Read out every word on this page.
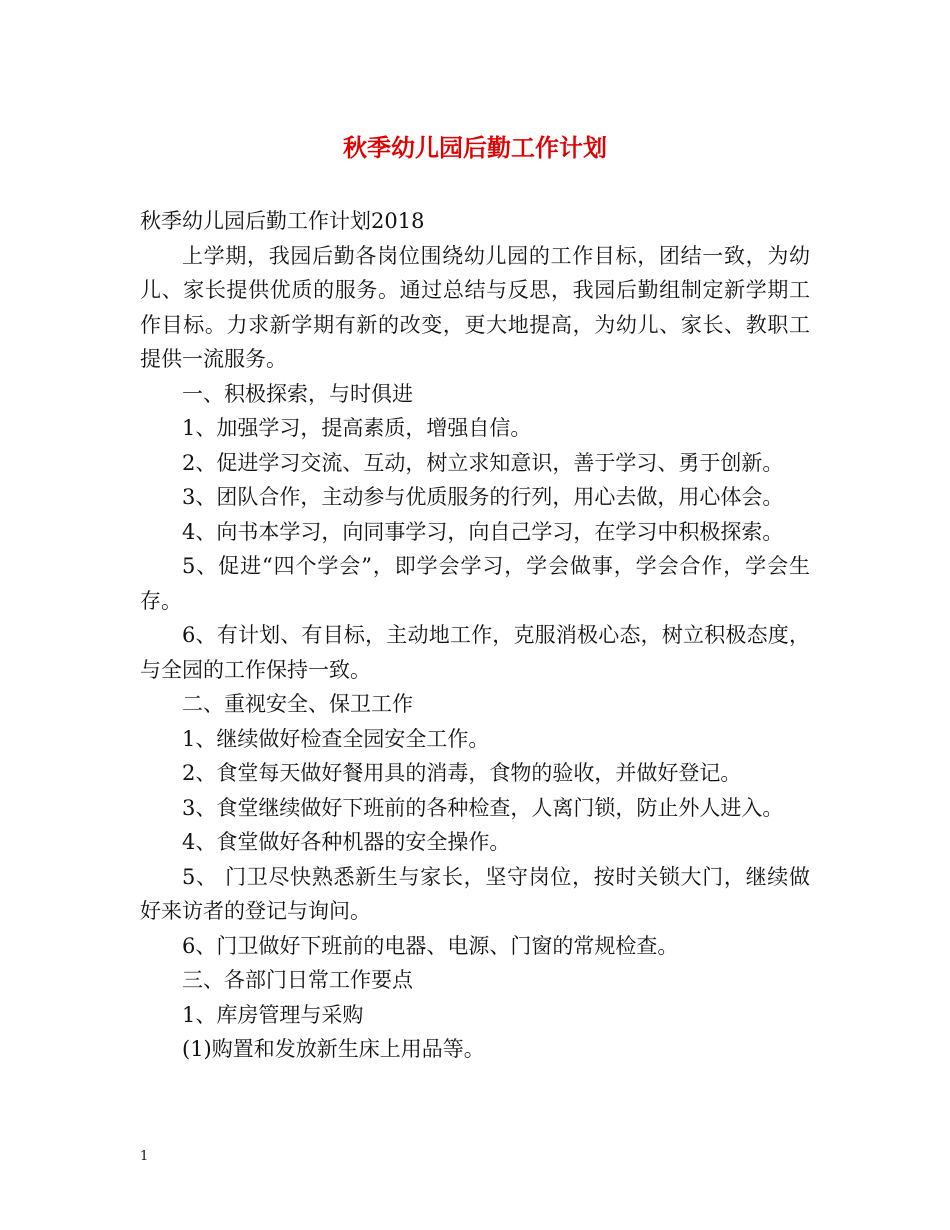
秋季幼儿园后勤工作计划

秋季幼儿园后勤工作计划2018

上学期，我园后勤各岗位围绕幼儿园的工作目标，团结一致，为幼儿、家长提供优质的服务。通过总结与反思，我园后勤组制定新学期工作目标。力求新学期有新的改变，更大地提高，为幼儿、家长、教职工提供一流服务。

一、积极探索，与时俱进

1、加强学习，提高素质，增强自信。

2、促进学习交流、互动，树立求知意识，善于学习、勇于创新。

3、团队合作，主动参与优质服务的行列，用心去做，用心体会。

4、向书本学习，向同事学习，向自己学习，在学习中积极探索。

5、促进“四个学会”，即学会学习，学会做事，学会合作，学会生存。

6、有计划、有目标，主动地工作，克服消极心态，树立积极态度，与全园的工作保持一致。

二、重视安全、保卫工作

1、继续做好检查全园安全工作。

2、食堂每天做好餐用具的消毒，食物的验收，并做好登记。

3、食堂继续做好下班前的各种检查，人离门锁，防止外人进入。

4、食堂做好各种机器的安全操作。

5、 门卫尽快熟悉新生与家长，坚守岗位，按时关锁大门，继续做好来访者的登记与询问。

6、门卫做好下班前的电器、电源、门窗的常规检查。

三、各部门日常工作要点

1、库房管理与采购

(1)购置和发放新生床上用品等。

1
